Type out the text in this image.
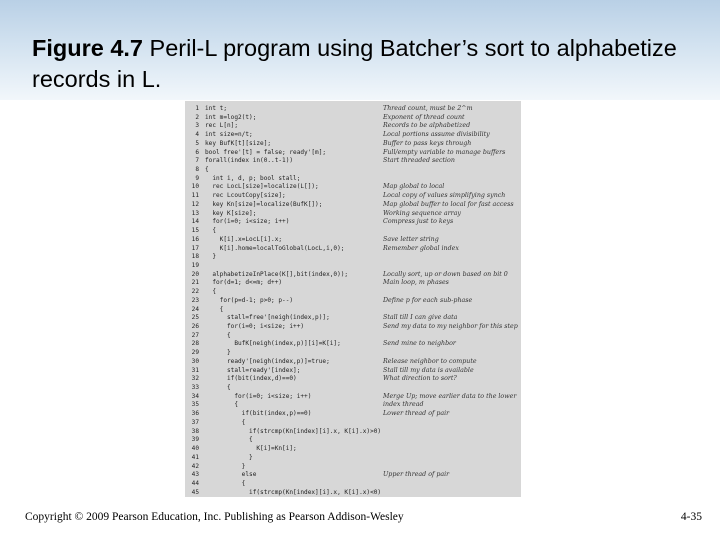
Figure 4.7 Peril-L program using Batcher’s sort to alphabetize records in L.
1 int t;	Thread count, must be 2^m
2 int m=log2(t);	Exponent of thread count
3 rec L[n];	Records to be alphabetized
4 int size=n/t;	Local portions assume divisibility
5 key BufK[t][size];	Buffer to pass keys through
6 bool free'[t] = false; ready'[m];	Full/empty variable to manage buffers
7 forall(index in(0..t-1))	Start threaded section
8 {
9 int i, d, p; bool stall;
10 rec LocL[size]=localize(L[]);	Map global to local
11 rec LcoutCopy[size];	Local copy of values simplifying synch
12 key Kn[size]=localize(BufK[]);	Map global buffer to local for fast access
13 key K[size];	Working sequence array
14 for(i=0; i<size; i++)	Compress just to keys
15 {
16 K[i].x=LocL[i].x;	Save letter string
17 K[i].home=localToGlobal(LocL,i,0);	Remember global index
18 }
19
20 alphabetizeInPlace(K[],bit(index,0));	Locally sort, up or down based on bit 0
21 for(d=1; d<=m; d++)	Main loop, m phases
22 {
23 for(p=d-1; p>0; p--)	Define p for each sub-phase
24 {
25 stall=free'[neigh(index,p)];	Stall till I can give data
26 for(i=0; i<size; i++)	Send my data to my neighbor for this step
27 {
28 BufK[neigh(index,p)][i]=K[i];	Send mine to neighbor
29 }
30 ready'[neigh(index,p)]=true;	Release neighbor to compute
31 stall=ready'[index];	Stall till my data is available
32 if(bit(index,d)==0)	What direction to sort?
33 {
34 for(i=0; i<size; i++)	Merge Up; move earlier data to the lower
35 {	index thread
36 if(bit(index,p)==0)	Lower thread of pair
37 {
38 if(strcmp(Kn[index][i].x, K[i].x)>0)
39 {
40 K[i]=Kn[i];
41 }
42 }
43 else	Upper thread of pair
44 {
45 if(strcmp(Kn[index][i].x, K[i].x)<0)
Copyright © 2009 Pearson Education, Inc. Publishing as Pearson Addison-Wesley	4-35
